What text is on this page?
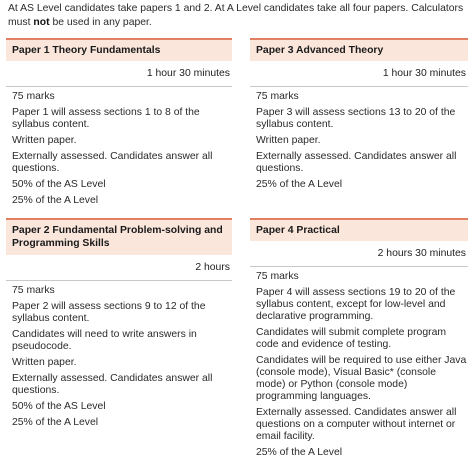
At AS Level candidates take papers 1 and 2. At A Level candidates take all four papers. Calculators must not be used in any paper.
Paper 1 Theory Fundamentals
1 hour 30 minutes
75 marks
Paper 1 will assess sections 1 to 8 of the syllabus content.
Written paper.
Externally assessed. Candidates answer all questions.
50% of the AS Level
25% of the A Level
Paper 3 Advanced Theory
1 hour 30 minutes
75 marks
Paper 3 will assess sections 13 to 20 of the syllabus content.
Written paper.
Externally assessed. Candidates answer all questions.
25% of the A Level
Paper 2 Fundamental Problem-solving and Programming Skills
2 hours
75 marks
Paper 2 will assess sections 9 to 12 of the syllabus content.
Candidates will need to write answers in pseudocode.
Written paper.
Externally assessed. Candidates answer all questions.
50% of the AS Level
25% of the A Level
Paper 4 Practical
2 hours 30 minutes
75 marks
Paper 4 will assess sections 19 to 20 of the syllabus content, except for low-level and declarative programming.
Candidates will submit complete program code and evidence of testing.
Candidates will be required to use either Java (console mode), Visual Basic* (console mode) or Python (console mode) programming languages.
Externally assessed. Candidates answer all questions on a computer without internet or email facility.
25% of the A Level
